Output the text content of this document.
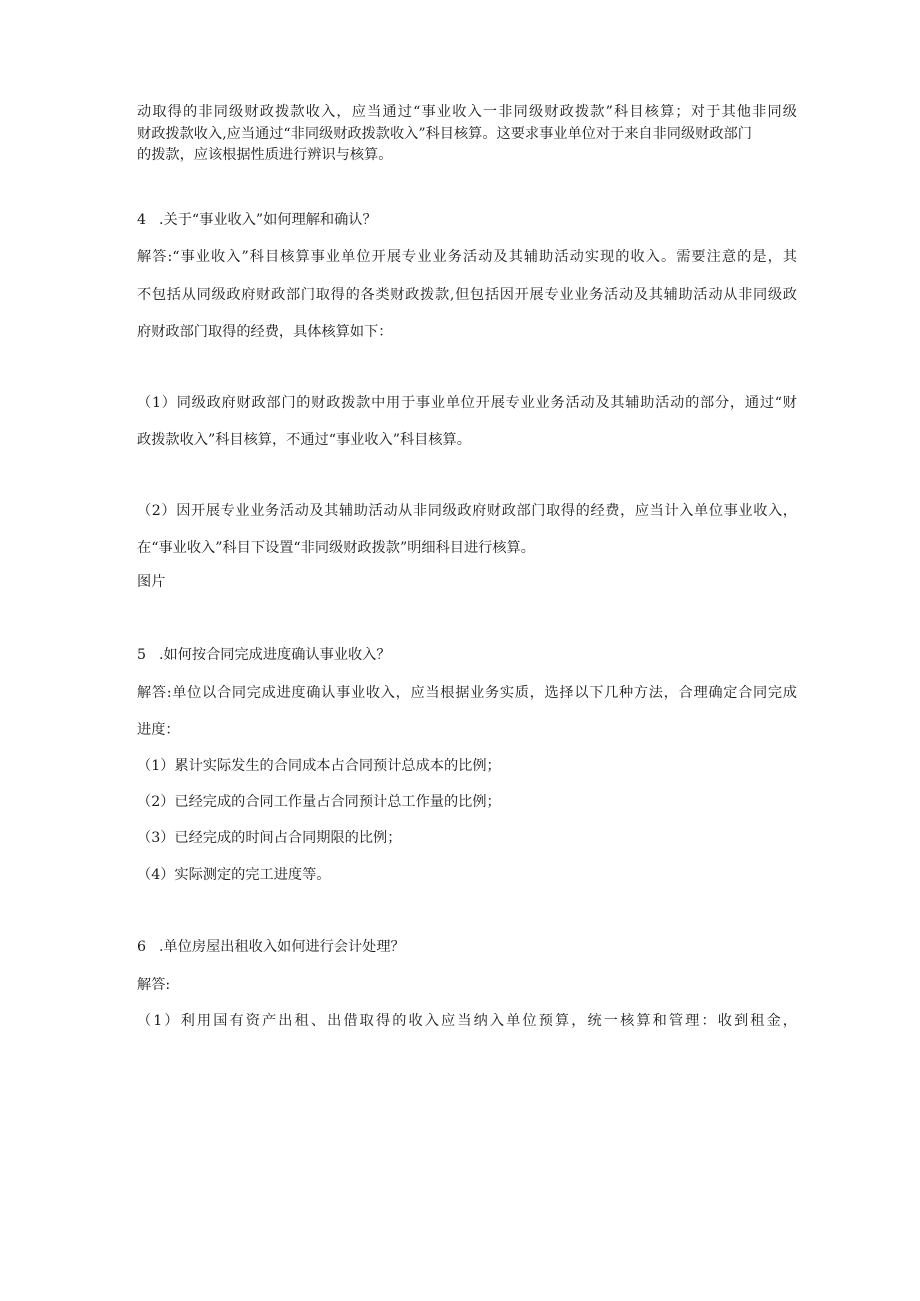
动取得的非同级财政拨款收入，应当通过“事业收入一非同级财政拨款”科目核算；对于其他非同级
财政拨款收入,应当通过“非同级财政拨款收入”科目核算。这要求事业单位对于来自非同级财政部门
的拨款，应该根据性质进行辨识与核算。
4 .关于“事业收入”如何理解和确认？
解答:“事业收入”科目核算事业单位开展专业业务活动及其辅助活动实现的收入。需要注意的是，其
不包括从同级政府财政部门取得的各类财政拨款,但包括因开展专业业务活动及其辅助活动从非同级政
府财政部门取得的经费，具体核算如下：
（1）同级政府财政部门的财政拨款中用于事业单位开展专业业务活动及其辅助活动的部分，通过“财
政拨款收入”科目核算，不通过“事业收入”科目核算。
（2）因开展专业业务活动及其辅助活动从非同级政府财政部门取得的经费，应当计入单位事业收入，
在“事业收入”科目下设置“非同级财政拨款”明细科目进行核算。
图片
5 .如何按合同完成进度确认事业收入？
解答:单位以合同完成进度确认事业收入，应当根据业务实质，选择以下几种方法，合理确定合同完成
进度：
（1）累计实际发生的合同成本占合同预计总成本的比例；
（2）已经完成的合同工作量占合同预计总工作量的比例；
（3）已经完成的时间占合同期限的比例；
（4）实际测定的完工进度等。
6 .单位房屋出租收入如何进行会计处理？
解答:
（1）利用国有资产出租、出借取得的收入应当纳入单位预算，统一核算和管理：收到租金，
